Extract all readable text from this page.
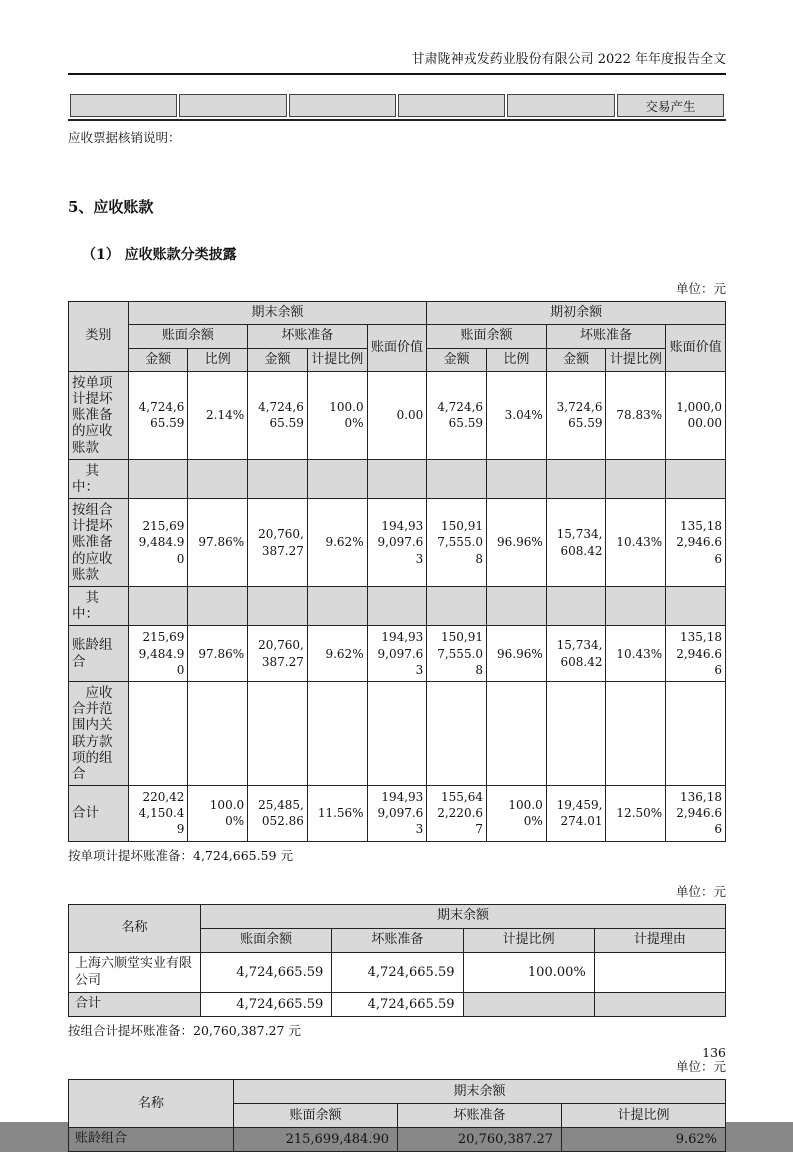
甘肃陇神戎发药业股份有限公司 2022 年年度报告全文
					交易产生
应收票据核销说明：
5、应收账款
（1） 应收账款分类披露
单位：元
类别	期末余额					期初余额				
	账面余额		坏账准备		账面价值	账面余额		坏账准备		账面价值
	金额	比例	金额	计提比例		金额	比例	金额	计提比例	
按单项计提坏账准备的应收账款	4,724,665.59	2.14%	4,724,665.59	100.00%	0.00	4,724,665.59	3.04%	3,724,665.59	78.83%	1,000,000.00
　其中：										
按组合计提坏账准备的应收账款	215,699,484.90	97.86%	20,760,387.27	9.62%	194,939,097.63	150,917,555.08	96.96%	15,734,608.42	10.43%	135,182,946.66
　其中：										
账龄组合	215,699,484.90	97.86%	20,760,387.27	9.62%	194,939,097.63	150,917,555.08	96.96%	15,734,608.42	10.43%	135,182,946.66
　应收合并范围内关联方款项的组合										
合计	220,424,150.49	100.00%	25,485,052.86	11.56%	194,939,097.63	155,642,220.67	100.00%	19,459,274.01	12.50%	136,182,946.66
按单项计提坏账准备：4,724,665.59 元
单位：元
名称	期末余额			
	账面余额	坏账准备	计提比例	计提理由
上海六顺堂实业有限公司	4,724,665.59	4,724,665.59	100.00%	
合计	4,724,665.59	4,724,665.59		
按组合计提坏账准备：20,760,387.27 元
单位：元
名称	期末余额		
	账面余额	坏账准备	计提比例
账龄组合	215,699,484.90	20,760,387.27	9.62%
136
